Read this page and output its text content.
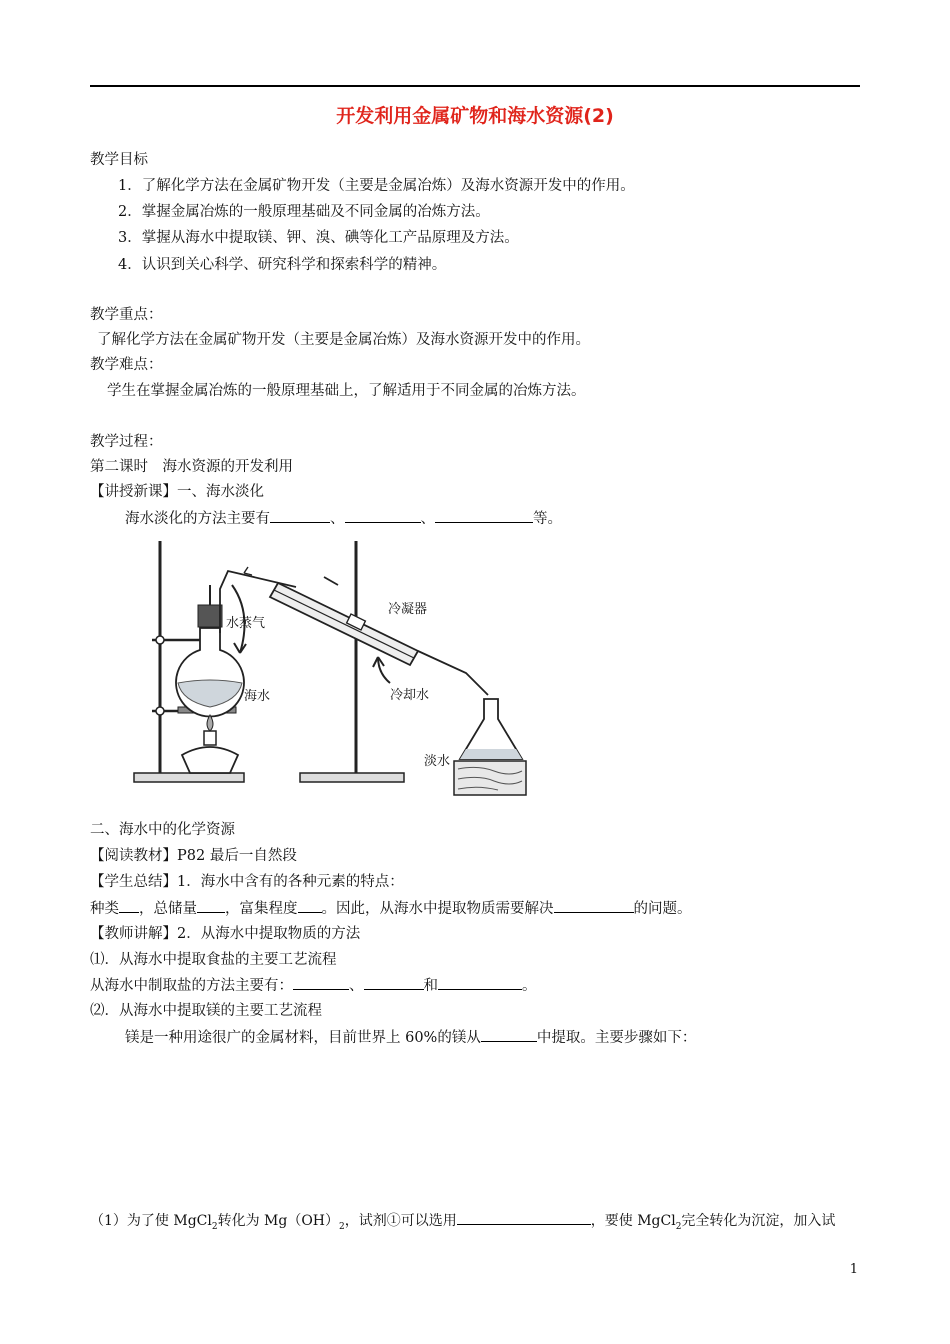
开发利用金属矿物和海水资源(2)
教学目标
1．了解化学方法在金属矿物开发（主要是金属冶炼）及海水资源开发中的作用。
2．掌握金属冶炼的一般原理基础及不同金属的冶炼方法。
3．掌握从海水中提取镁、钾、溴、碘等化工产品原理及方法。
4．认识到关心科学、研究科学和探索科学的精神。
教学重点：
了解化学方法在金属矿物开发（主要是金属冶炼）及海水资源开发中的作用。
教学难点：
学生在掌握金属冶炼的一般原理基础上，了解适用于不同金属的冶炼方法。
教学过程：
第二课时　海水资源的开发利用
【讲授新课】一、海水淡化
海水淡化的方法主要有	、	、	等。
水蒸气
冷凝器
海水	冷却水
淡水
二、海水中的化学资源
【阅读教材】P82 最后一自然段
【学生总结】1．海水中含有的各种元素的特点：
种类 ，总储量 ，富集程度 。因此，从海水中提取物质需要解决	的问题。
【教师讲解】2．从海水中提取物质的方法
⑴．从海水中提取食盐的主要工艺流程
从海水中制取盐的方法主要有：	、	和	。
⑵．从海水中提取镁的主要工艺流程
镁是一种用途很广的金属材料，目前世界上 60%的镁从	中提取。主要步骤如下：
（1）为了使 MgCl$_2$转化为 $Mg(OH)_2$，试剂①可以选用	，要使 MgCl$_2$完全转化为沉淀，加入试
1
